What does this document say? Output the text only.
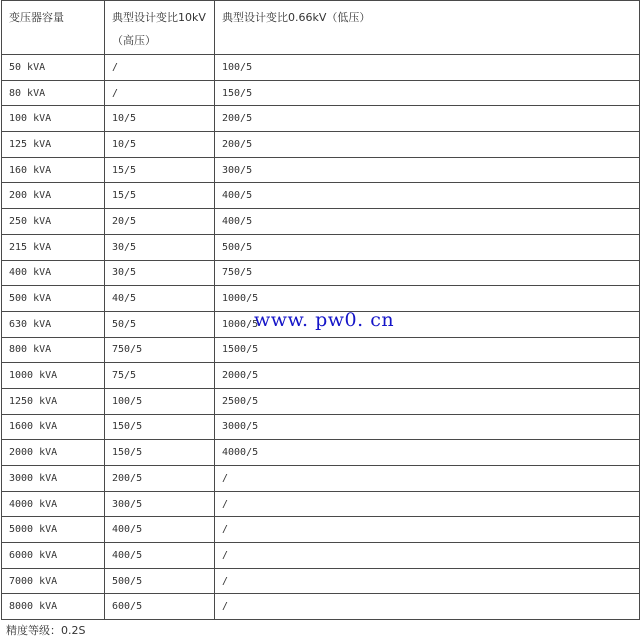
变压器容量	典型设计变比10kV（高压）	典型设计变比0.66kV（低压）
50 kVA	/	100/5
80 kVA	/	150/5
100 kVA	10/5	200/5
125 kVA	10/5	200/5
160 kVA	15/5	300/5
200 kVA	15/5	400/5
250 kVA	20/5	400/5
215 kVA	30/5	500/5
400 kVA	30/5	750/5
500 kVA	40/5	1000/5
630 kVA	50/5	1000/5
800 kVA	750/5	1500/5
1000 kVA	75/5	2000/5
1250 kVA	100/5	2500/5
1600 kVA	150/5	3000/5
2000 kVA	150/5	4000/5
3000 kVA	200/5	/
4000 kVA	300/5	/
5000 kVA	400/5	/
6000 kVA	400/5	/
7000 kVA	500/5	/
8000 kVA	600/5	/
www. pw0. cn
精度等级：0.2S
